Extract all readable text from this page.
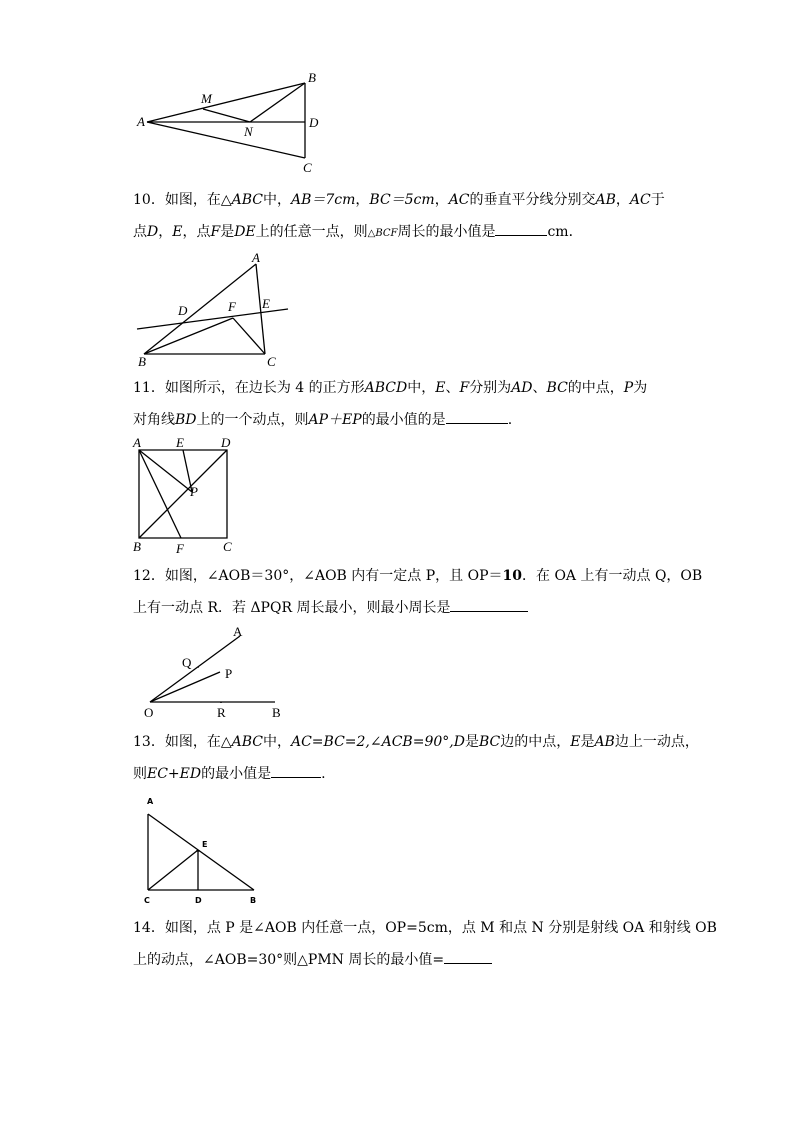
A
B
C
D
M
N
10．如图，在△ABC中，AB＝7cm，BC＝5cm，AC的垂直平分线分别交AB，AC于
点D，E，点F是DE上的任意一点，则△BCF周长的最小值是	cm．
A
B	C
D	E
F
11．如图所示，在边长为 4 的正方形ABCD中，E、F分别为AD、BC的中点，P为
对角线BD上的一个动点，则AP＋EP的最小值的是	.
A	E	D
P
B	F	C
12．如图，∠AOB＝30°，∠AOB 内有一定点 P，且 OP＝10．在 OA 上有一动点 Q，OB
上有一动点 R．若 ΔPQR 周长最小，则最小周长是
A
Q
P
O	R	B
13．如图，在△ABC中，AC=BC=2,∠ACB=90°,D是BC边的中点，E是AB边上一动点，
则EC+ED的最小值是	.
A
E
C	D	B
14．如图，点 P 是∠AOB 内任意一点，OP=5cm，点 M 和点 N 分别是射线 OA 和射线 OB
上的动点，∠AOB=30°则△PMN 周长的最小值=
